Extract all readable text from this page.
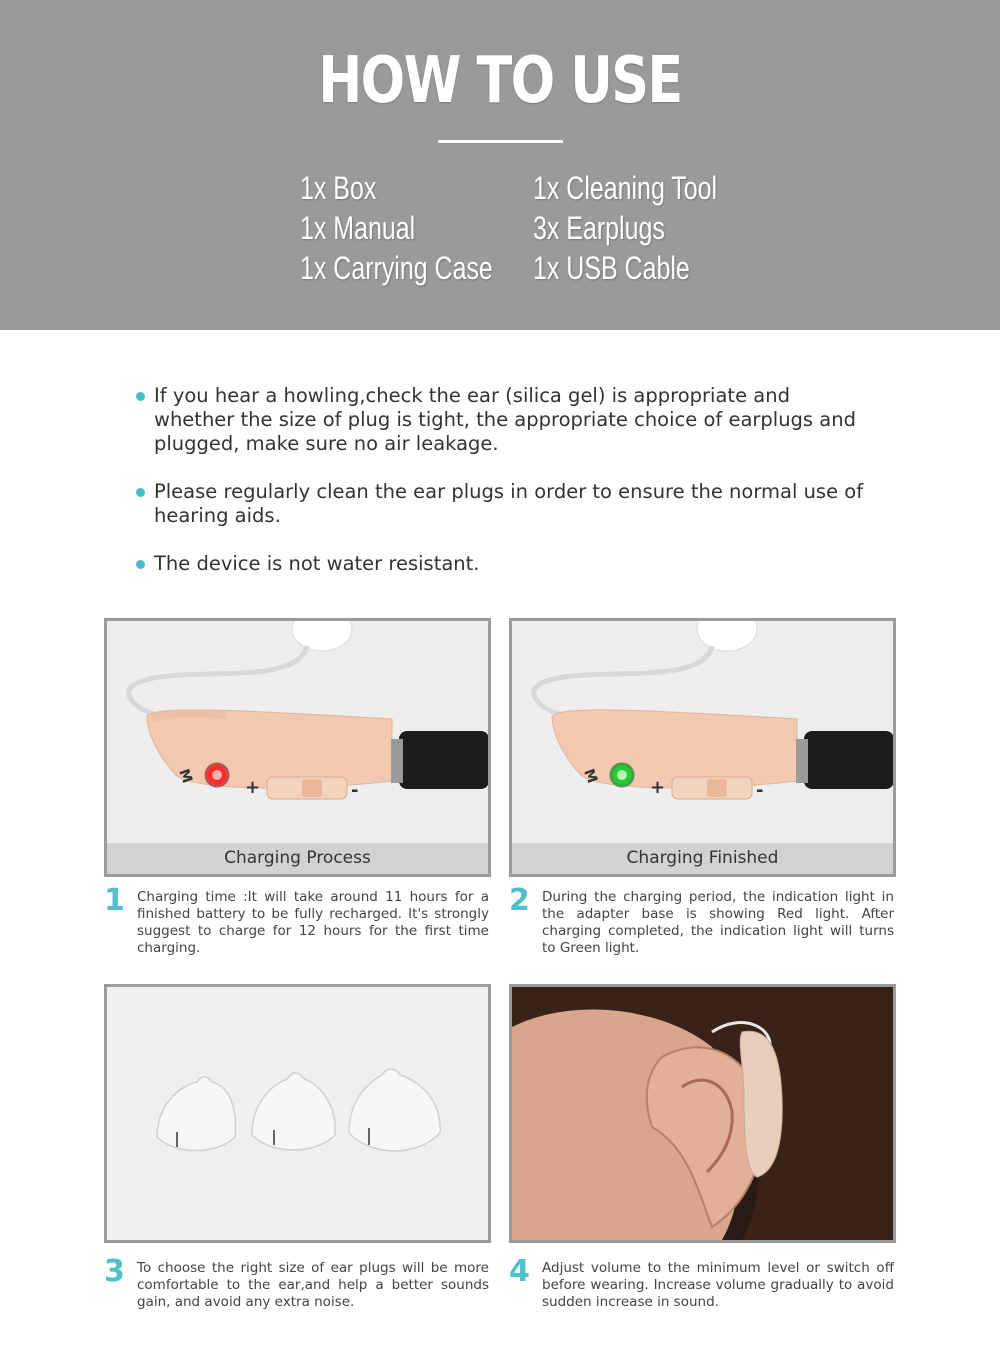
HOW TO USE
1x Box
1x Manual
1x Carrying Case
1x Cleaning Tool
3x Earplugs
1x USB Cable
If you hear a howling,check the ear (silica gel) is appropriate and whether the size of plug is tight, the appropriate choice of earplugs and plugged, make sure no air leakage.
Please regularly clean the ear plugs in order to ensure the normal use of hearing aids.
The device is not water resistant.
M
+	-
Charging Process
M
+	-
Charging Finished
1 Charging time :It will take around 11 hours for a finished battery to be fully recharged. It's strongly suggest to charge for 12 hours for the first time charging.
2 During the charging period, the indication light in the adapter base is showing Red light. After charging completed, the indication light will turns to Green light.
3 To choose the right size of ear plugs will be more comfortable to the ear,and help a better sounds gain, and avoid any extra noise.
4 Adjust volume to the minimum level or switch off before wearing. Increase volume gradually to avoid sudden increase in sound.
